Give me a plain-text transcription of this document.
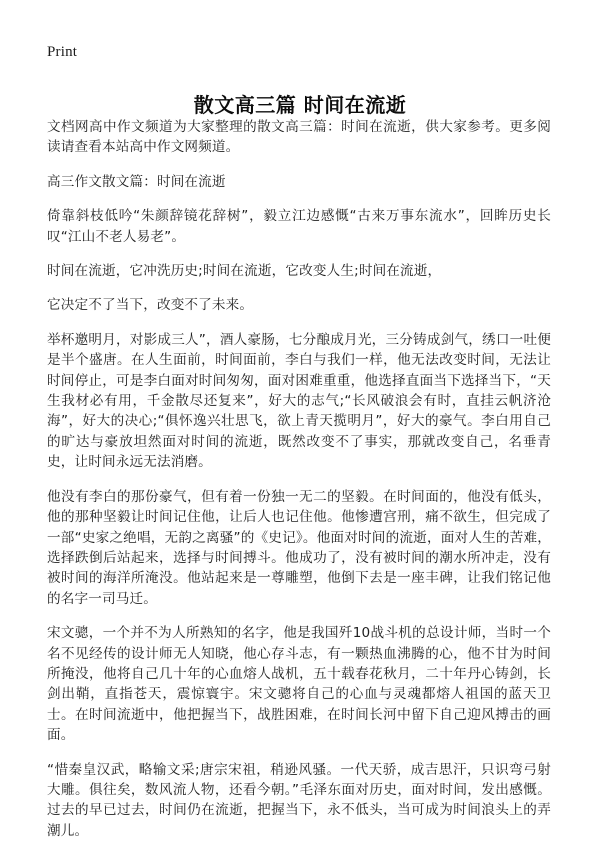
Print
散文高三篇 时间在流逝

文档网高中作文频道为大家整理的散文高三篇：时间在流逝，供大家参考。更多阅读请查看本站高中作文网频道。

高三作文散文篇：时间在流逝

倚靠斜枝低吟“朱颜辞镜花辞树”，毅立江边感慨“古来万事东流水”，回眸历史长叹“江山不老人易老”。

时间在流逝，它冲洗历史;时间在流逝，它改变人生;时间在流逝，

它决定不了当下，改变不了未来。

举杯邀明月，对影成三人”，酒人豪肠，七分酿成月光，三分铸成剑气，绣口一吐便是半个盛唐。在人生面前，时间面前，李白与我们一样，他无法改变时间，无法让时间停止，可是李白面对时间匆匆，面对困难重重，他选择直面当下选择当下，“天生我材必有用，千金散尽还复来”，好大的志气;“长风破浪会有时，直挂云帆济沧海”，好大的决心;“俱怀逸兴壮思飞，欲上青天揽明月”，好大的豪气。李白用自己的旷达与豪放坦然面对时间的流逝，既然改变不了事实，那就改变自己，名垂青史，让时间永远无法消磨。

他没有李白的那份豪气，但有着一份独一无二的坚毅。在时间面的，他没有低头，他的那种坚毅让时间记住他，让后人也记住他。他惨遭宫刑，痛不欲生，但完成了一部“史家之绝唱，无韵之离骚”的《史记》。他面对时间的流逝，面对人生的苦难，选择跌倒后站起来，选择与时间搏斗。他成功了，没有被时间的潮水所冲走，没有被时间的海洋所淹没。他站起来是一尊雕塑，他倒下去是一座丰碑，让我们铭记他的名字一司马迁。

宋文骢，一个并不为人所熟知的名字，他是我国歼10战斗机的总设计师，当时一个名不见经传的设计师无人知晓，他心存斗志，有一颗热血沸腾的心，他不甘为时间所掩没，他将自己几十年的心血熔人战机，五十载春花秋月，二十年丹心铸剑，长剑出鞘，直指苍天，震惊寰宇。宋文骢将自己的心血与灵魂都熔人祖国的蓝天卫士。在时间流逝中，他把握当下，战胜困难，在时间长河中留下自己迎风搏击的画面。

“惜秦皇汉武，略输文采;唐宗宋祖，稍逊风骚。一代天骄，成吉思汗，只识弯弓射大雕。俱往矣，数风流人物，还看今朝。”毛泽东面对历史，面对时间，发出感慨。过去的早已过去，时间仍在流逝，把握当下，永不低头，当可成为时间浪头上的弄潮儿。
